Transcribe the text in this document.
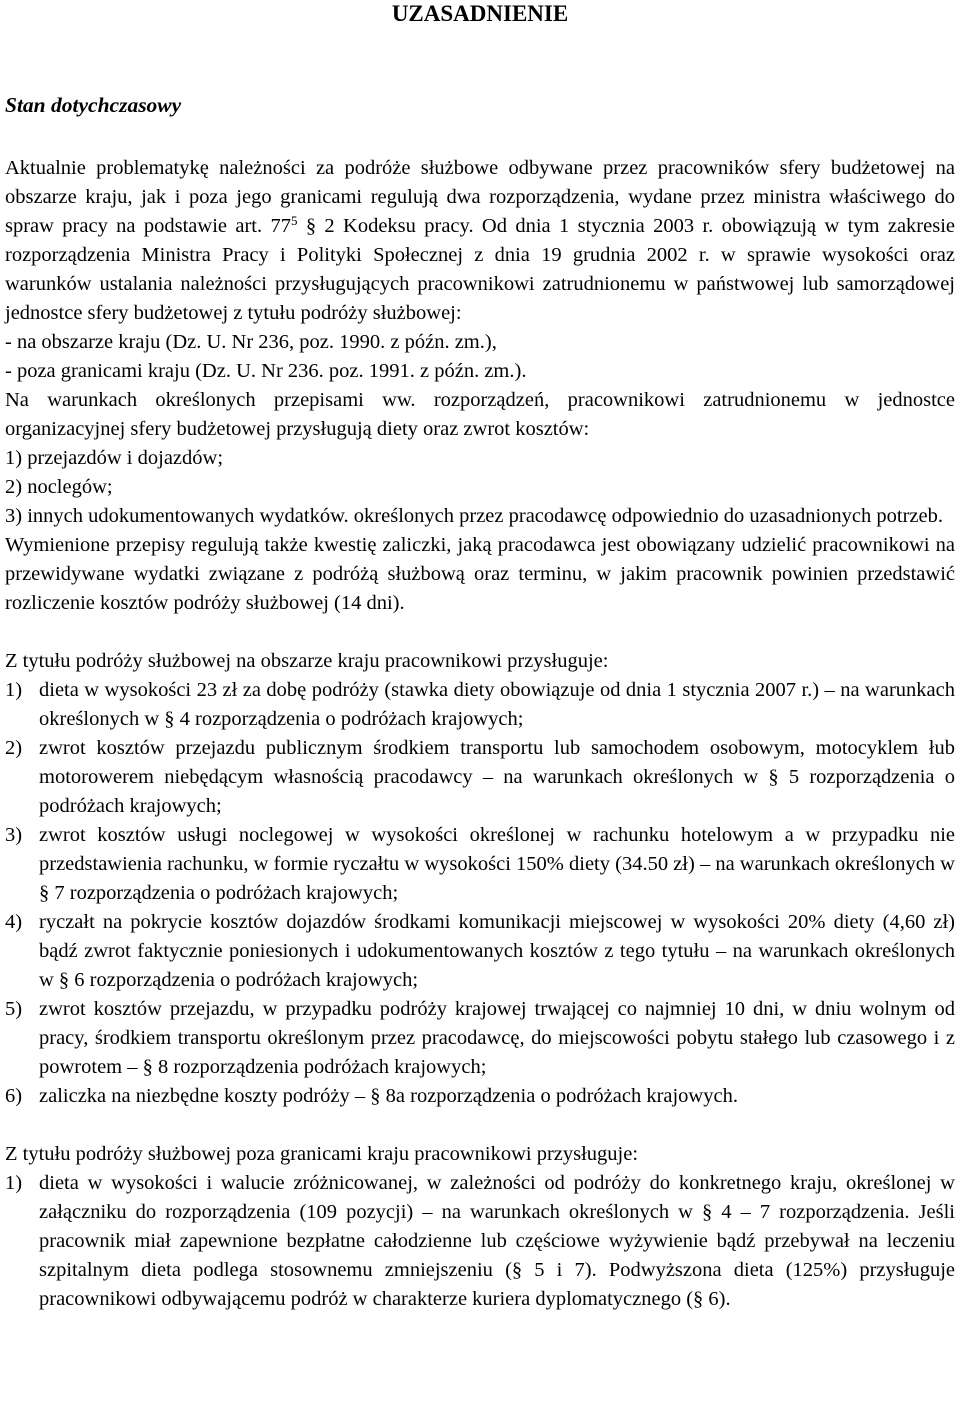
UZASADNIENIE
Stan dotychczasowy

Aktualnie problematykę należności za podróże służbowe odbywane przez pracowników sfery budżetowej na obszarze kraju, jak i poza jego granicami regulują dwa rozporządzenia, wydane przez ministra właściwego do spraw pracy na podstawie art. $77^5$ § 2 Kodeksu pracy. Od dnia 1 stycznia 2003 r. obowiązują w tym zakresie rozporządzenia Ministra Pracy i Polityki Społecznej z dnia 19 grudnia 2002 r. w sprawie wysokości oraz warunków ustalania należności przysługujących pracownikowi zatrudnionemu w państwowej lub samorządowej jednostce sfery budżetowej z tytułu podróży służbowej:

- na obszarze kraju (Dz. U. Nr 236, poz. 1990. z późn. zm.),

- poza granicami kraju (Dz. U. Nr 236. poz. 1991. z późn. zm.).

Na warunkach określonych przepisami ww. rozporządzeń, pracownikowi zatrudnionemu w jednostce organizacyjnej sfery budżetowej przysługują diety oraz zwrot kosztów:

1) przejazdów i dojazdów;

2) noclegów;

3) innych udokumentowanych wydatków. określonych przez pracodawcę odpowiednio do uzasadnionych potrzeb.

Wymienione przepisy regulują także kwestię zaliczki, jaką pracodawca jest obowiązany udzielić pracownikowi na przewidywane wydatki związane z podróżą służbową oraz terminu, w jakim pracownik powinien przedstawić rozliczenie kosztów podróży służbowej (14 dni).

Z tytułu podróży służbowej na obszarze kraju pracownikowi przysługuje:

1) dieta w wysokości 23 zł za dobę podróży (stawka diety obowiązuje od dnia 1 stycznia 2007 r.) – na warunkach określonych w § 4 rozporządzenia o podróżach krajowych;
2) zwrot kosztów przejazdu publicznym środkiem transportu lub samochodem osobowym, motocyklem łub motorowerem niebędącym własnością pracodawcy – na warunkach określonych w § 5 rozporządzenia o podróżach krajowych;
3) zwrot kosztów usługi noclegowej w wysokości określonej w rachunku hotelowym a w przypadku nie przedstawienia rachunku, w formie ryczałtu w wysokości 150% diety (34.50 zł) – na warunkach określonych w § 7 rozporządzenia o podróżach krajowych;
4) ryczałt na pokrycie kosztów dojazdów środkami komunikacji miejscowej w wysokości 20% diety (4,60 zł) bądź zwrot faktycznie poniesionych i udokumentowanych kosztów z tego tytułu – na warunkach określonych w § 6 rozporządzenia o podróżach krajowych;
5) zwrot kosztów przejazdu, w przypadku podróży krajowej trwającej co najmniej 10 dni, w dniu wolnym od pracy, środkiem transportu określonym przez pracodawcę, do miejscowości pobytu stałego lub czasowego i z powrotem – § 8 rozporządzenia podróżach krajowych;
6) zaliczka na niezbędne koszty podróży – § 8a rozporządzenia o podróżach krajowych.

Z tytułu podróży służbowej poza granicami kraju pracownikowi przysługuje:

1) dieta w wysokości i walucie zróżnicowanej, w zależności od podróży do konkretnego kraju, określonej w załączniku do rozporządzenia (109 pozycji) – na warunkach określonych w § 4 – 7 rozporządzenia. Jeśli pracownik miał zapewnione bezpłatne całodzienne lub częściowe wyżywienie bądź przebywał na leczeniu szpitalnym dieta podlega stosownemu zmniejszeniu (§ 5 i 7). Podwyższona dieta (125%) przysługuje pracownikowi odbywającemu podróż w charakterze kuriera dyplomatycznego (§ 6).
